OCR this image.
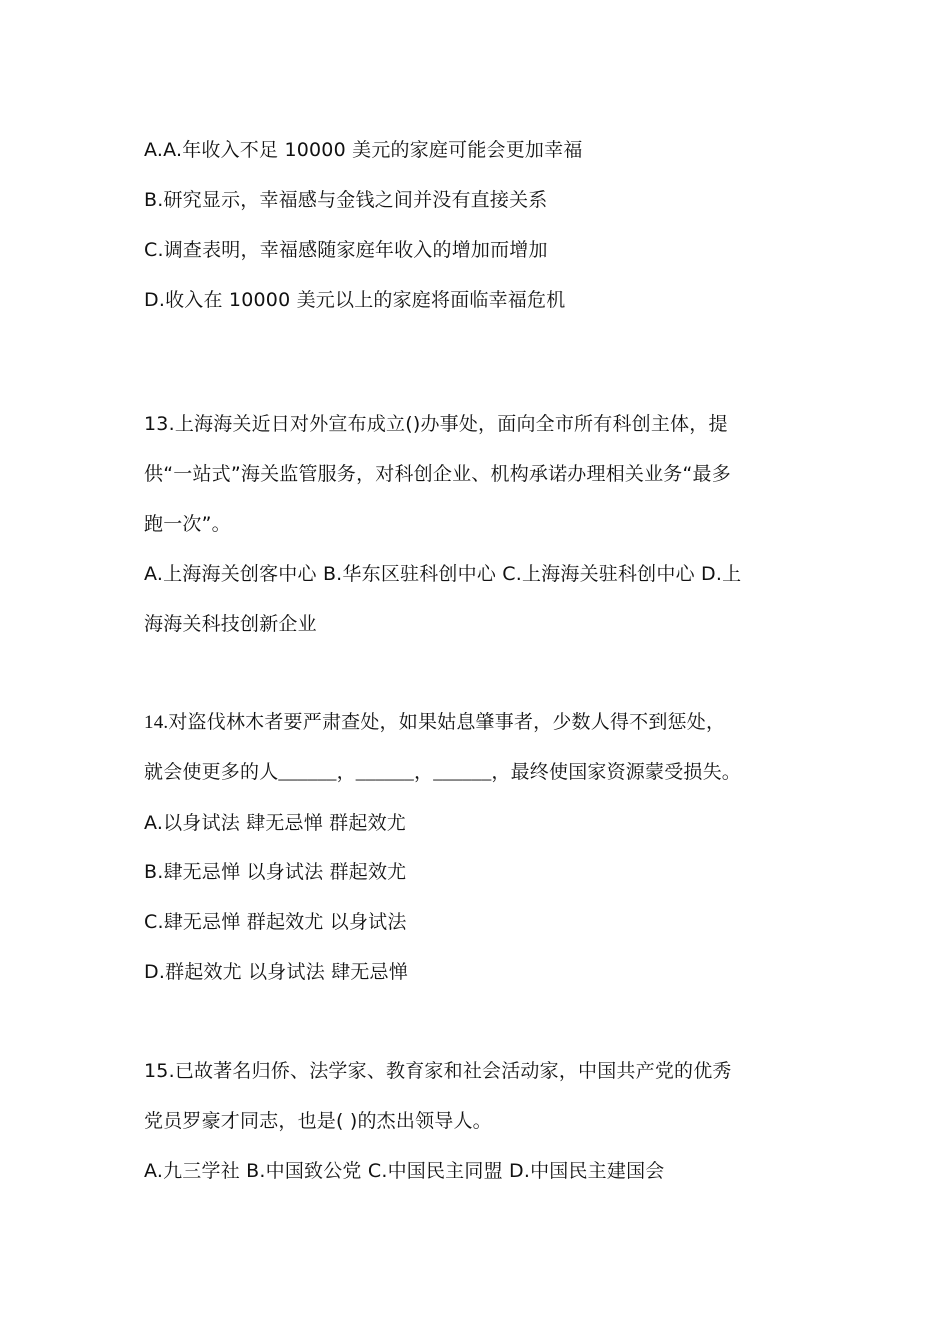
A.A.年收入不足 10000 美元的家庭可能会更加幸福
B.研究显示，幸福感与金钱之间并没有直接关系
C.调查表明，幸福感随家庭年收入的增加而增加
D.收入在 10000 美元以上的家庭将面临幸福危机
13.上海海关近日对外宣布成立()办事处，面向全市所有科创主体，提
供“一站式”海关监管服务，对科创企业、机构承诺办理相关业务“最多
跑一次”。
A.上海海关创客中心 B.华东区驻科创中心 C.上海海关驻科创中心 D.上
海海关科技创新企业
14.对盗伐林木者要严肃查处，如果姑息肇事者，少数人得不到惩处，
就会使更多的人______，______，______，最终使国家资源蒙受损失。
A.以身试法 肆无忌惮 群起效尤
B.肆无忌惮 以身试法 群起效尤
C.肆无忌惮 群起效尤 以身试法
D.群起效尤 以身试法 肆无忌惮
15.已故著名归侨、法学家、教育家和社会活动家，中国共产党的优秀
党员罗豪才同志，也是( )的杰出领导人。
A.九三学社 B.中国致公党 C.中国民主同盟 D.中国民主建国会
